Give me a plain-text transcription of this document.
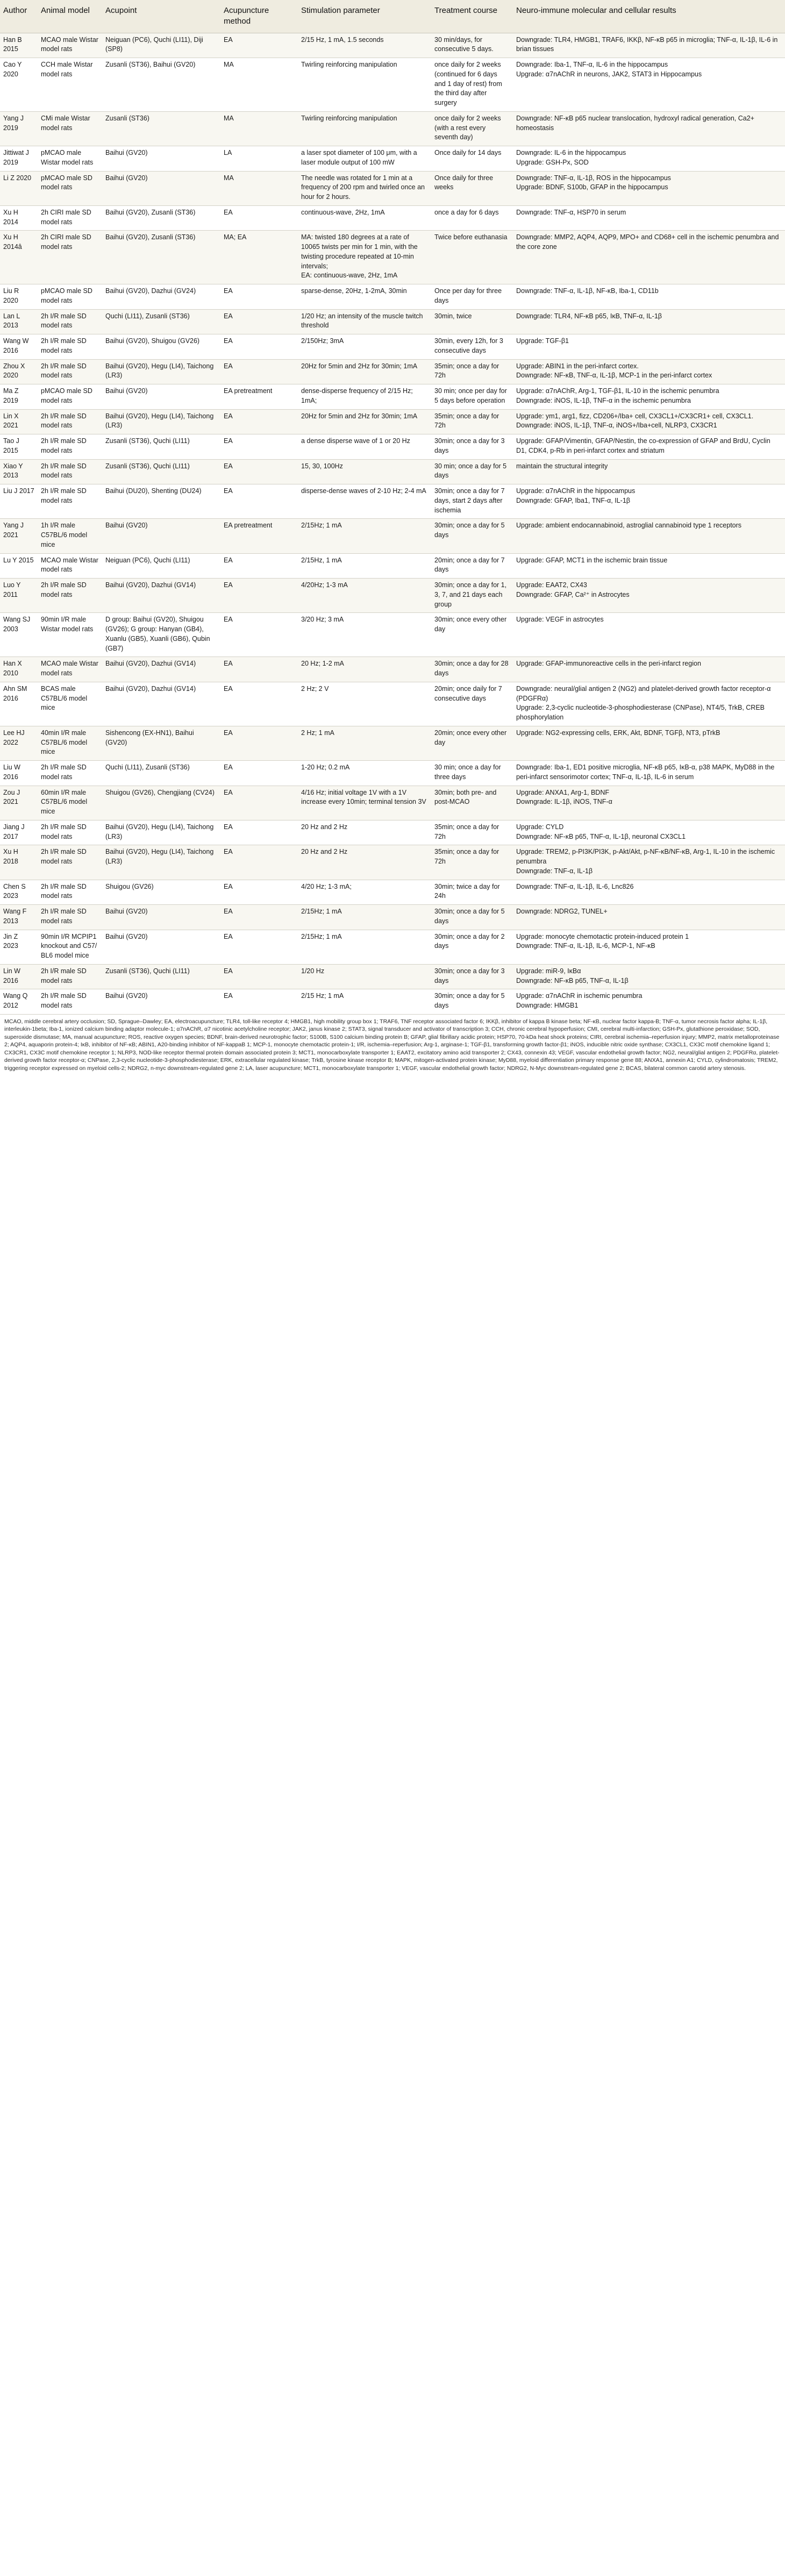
Author	Animal model	Acupoint	Acupuncture method	Stimulation parameter	Treatment course	Neuro-immune molecular and cellular results
Han B 2015	MCAO male Wistar model rats	Neiguan (PC6), Quchi (LI11), Diji (SP8)	EA	2/15 Hz, 1 mA, 1.5 seconds	30 min/days, for consecutive 5 days.	Downgrade: TLR4, HMGB1, TRAF6, IKKβ, NF-κB p65 in microglia; TNF-α, IL-1β, IL-6 in brian tissues
Cao Y 2020	CCH male Wistar model rats	Zusanli (ST36), Baihui (GV20)	MA	Twirling reinforcing manipulation	once daily for 2 weeks (continued for 6 days and 1 day of rest) from the third day after surgery	Downgrade: Iba-1, TNF-α, IL-6 in the hippocampus
Upgrade: α7nAChR in neurons, JAK2, STAT3 in Hippocampus
Yang J 2019	CMi male Wistar model rats	Zusanli (ST36)	MA	Twirling reinforcing manipulation	once daily for 2 weeks (with a rest every seventh day)	Downgrade: NF-κB p65 nuclear translocation, hydroxyl radical generation, Ca2+ homeostasis
Jittiwat J 2019	pMCAO male Wistar model rats	Baihui (GV20)	LA	a laser spot diameter of 100 μm, with a laser module output of 100 mW	Once daily for 14 days	Downgrade: IL-6 in the hippocampus
Upgrade: GSH-Px, SOD
Li Z 2020	pMCAO male SD model rats	Baihui (GV20)	MA	The needle was rotated for 1 min at a frequency of 200 rpm and twirled once an hour for 2 hours.	Once daily for three weeks	Downgrade: TNF-α, IL-1β, ROS in the hippocampus
Upgrade: BDNF, S100b, GFAP in the hippocampus
Xu H 2014	2h CIRI male SD model rats	Baihui (GV20), Zusanli (ST36)	EA	continuous-wave, 2Hz, 1mA	once a day for 6 days	Downgrade: TNF-α, HSP70 in serum
Xu H 2014â	2h CIRI male SD model rats	Baihui (GV20), Zusanli (ST36)	MA; EA	MA: twisted 180 degrees at a rate of 10065 twists per min for 1 min, with the twisting procedure repeated at 10-min intervals;
EA: continuous-wave, 2Hz, 1mA	Twice before euthanasia	Downgrade: MMP2, AQP4, AQP9, MPO+ and CD68+ cell in the ischemic penumbra and the core zone
Liu R 2020	pMCAO male SD model rats	Baihui (GV20), Dazhui (GV24)	EA	sparse-dense, 20Hz, 1-2mA, 30min	Once per day for three days	Downgrade: TNF-α, IL-1β, NF-κB, Iba-1, CD11b
Lan L 2013	2h I/R male SD model rats	Quchi (LI11), Zusanli (ST36)	EA	1/20 Hz; an intensity of the muscle twitch threshold	30min, twice	Downgrade: TLR4, NF-κB p65, IκB, TNF-α, IL-1β
Wang W 2016	2h I/R male SD model rats	Baihui (GV20), Shuigou (GV26)	EA	2/150Hz; 3mA	30min, every 12h, for 3 consecutive days	Upgrade: TGF-β1
Zhou X 2020	2h I/R male SD model rats	Baihui (GV20), Hegu (LI4), Taichong (LR3)	EA	20Hz for 5min and 2Hz for 30min; 1mA	35min; once a day for 72h	Upgrade: ABIN1 in the peri-infarct cortex.
Downgrade: NF-κB, TNF-α, IL-1β, MCP-1 in the peri-infarct cortex
Ma Z 2019	pMCAO male SD model rats	Baihui (GV20)	EA pretreatment	dense-disperse frequency of 2/15 Hz; 1mA;	30 min; once per day for 5 days before operation	Upgrade: α7nAChR, Arg-1, TGF-β1, IL-10 in the ischemic penumbra
Downgrade: iNOS, IL-1β, TNF-α in the ischemic penumbra
Lin X 2021	2h I/R male SD model rats	Baihui (GV20), Hegu (LI4), Taichong (LR3)	EA	20Hz for 5min and 2Hz for 30min; 1mA	35min; once a day for 72h	Upgrade: ym1, arg1, fizz, CD206+/Iba+ cell, CX3CL1+/CX3CR1+ cell, CX3CL1.
Downgrade: iNOS, IL-1β, TNF-α, iNOS+/Iba+cell, NLRP3, CX3CR1
Tao J 2015	2h I/R male SD model rats	Zusanli (ST36), Quchi (LI11)	EA	a dense disperse wave of 1 or 20 Hz	30min; once a day for 3 days	Upgrade: GFAP/Vimentin, GFAP/Nestin, the co-expression of GFAP and BrdU, Cyclin D1, CDK4, p-Rb in peri-infarct cortex and striatum
Xiao Y 2013	2h I/R male SD model rats	Zusanli (ST36), Quchi (LI11)	EA	15, 30, 100Hz	30 min; once a day for 5 days	maintain the structural integrity
Liu J 2017	2h I/R male SD model rats	Baihui (DU20), Shenting (DU24)	EA	disperse-dense waves of 2-10 Hz; 2-4 mA	30min; once a day for 7 days, start 2 days after ischemia	Upgrade: α7nAChR in the hippocampus
Downgrade: GFAP, Iba1, TNF-α, IL-1β
Yang J 2021	1h I/R male C57BL/6 model mice	Baihui (GV20)	EA pretreatment	2/15Hz; 1 mA	30min; once a day for 5 days	Upgrade: ambient endocannabinoid, astroglial cannabinoid type 1 receptors
Lu Y 2015	MCAO male Wistar model rats	Neiguan (PC6), Quchi (LI11)	EA	2/15Hz, 1 mA	20min; once a day for 7 days	Upgrade: GFAP, MCT1 in the ischemic brain tissue
Luo Y 2011	2h I/R male SD model rats	Baihui (GV20), Dazhui (GV14)	EA	4/20Hz; 1-3 mA	30min; once a day for 1, 3, 7, and 21 days each group	Upgrade: EAAT2, CX43
Downgrade: GFAP, Ca²⁺ in Astrocytes
Wang SJ 2003	90min I/R male Wistar model rats	D group: Baihui (GV20), Shuigou (GV26); G group: Hanyan (GB4), Xuanlu (GB5), Xuanli (GB6), Qubin (GB7)	EA	3/20 Hz; 3 mA	30min; once every other day	Upgrade: VEGF in astrocytes
Han X 2010	MCAO male Wistar model rats	Baihui (GV20), Dazhui (GV14)	EA	20 Hz; 1-2 mA	30min; once a day for 28 days	Upgrade: GFAP-immunoreactive cells in the peri-infarct region
Ahn SM 2016	BCAS male C57BL/6 model mice	Baihui (GV20), Dazhui (GV14)	EA	2 Hz; 2 V	20min; once daily for 7 consecutive days	Downgrade: neural/glial antigen 2 (NG2) and platelet-derived growth factor receptor-α (PDGFRα)
Upgrade: 2,3-cyclic nucleotide-3-phosphodiesterase (CNPase), NT4/5, TrkB, CREB phosphorylation
Lee HJ 2022	40min I/R male C57BL/6 model mice	Sishencong (EX-HN1), Baihui (GV20)	EA	2 Hz; 1 mA	20min; once every other day	Upgrade: NG2-expressing cells, ERK, Akt, BDNF, TGFβ, NT3, pTrkB
Liu W 2016	2h I/R male SD model rats	Quchi (LI11), Zusanli (ST36)	EA	1-20 Hz; 0.2 mA	30 min; once a day for three days	Downgrade: Iba-1, ED1 positive microglia, NF-κB p65, IκB-α, p38 MAPK, MyD88 in the peri-infarct sensorimotor cortex; TNF-α, IL-1β, IL-6 in serum
Zou J 2021	60min I/R male C57BL/6 model mice	Shuigou (GV26), Chengjiang (CV24)	EA	4/16 Hz; initial voltage 1V with a 1V increase every 10min; terminal tension 3V	30min; both pre- and post-MCAO	Upgrade: ANXA1, Arg-1, BDNF
Downgrade: IL-1β, iNOS, TNF-α
Jiang J 2017	2h I/R male SD model rats	Baihui (GV20), Hegu (LI4), Taichong (LR3)	EA	20 Hz and 2 Hz	35min; once a day for 72h	Upgrade: CYLD
Downgrade: NF-κB p65, TNF-α, IL-1β, neuronal CX3CL1
Xu H 2018	2h I/R male SD model rats	Baihui (GV20), Hegu (LI4), Taichong (LR3)	EA	20 Hz and 2 Hz	35min; once a day for 72h	Upgrade: TREM2, p-PI3K/PI3K, p-Akt/Akt, p-NF-κB/NF-κB, Arg-1, IL-10 in the ischemic penumbra
Downgrade: TNF-α, IL-1β
Chen S 2023	2h I/R male SD model rats	Shuigou (GV26)	EA	4/20 Hz; 1-3 mA;	30min; twice a day for 24h	Downgrade: TNF-α, IL-1β, IL-6, Lnc826
Wang F 2013	2h I/R male SD model rats	Baihui (GV20)	EA	2/15Hz; 1 mA	30min; once a day for 5 days	Downgrade: NDRG2, TUNEL+
Jin Z 2023	90min I/R MCPIP1 knockout and C57/ BL6 model mice	Baihui (GV20)	EA	2/15Hz; 1 mA	30min; once a day for 2 days	Upgrade: monocyte chemotactic protein-induced protein 1
Downgrade: TNF-α, IL-1β, IL-6, MCP-1, NF-κB
Lin W 2016	2h I/R male SD model rats	Zusanli (ST36), Quchi (LI11)	EA	1/20 Hz	30min; once a day for 3 days	Upgrade: miR-9, IκBα
Downgrade: NF-κB p65, TNF-α, IL-1β
Wang Q 2012	2h I/R male SD model rats	Baihui (GV20)	EA	2/15 Hz; 1 mA	30min; once a day for 5 days	Upgrade: α7nAChR in ischemic penumbra
Downgrade: HMGB1
MCAO, middle cerebral artery occlusion; SD, Sprague–Dawley; EA, electroacupuncture; TLR4, toll-like receptor 4; HMGB1, high mobility group box 1; TRAF6, TNF receptor associated factor 6; IKKβ, inhibitor of kappa B kinase beta; NF-κB, nuclear factor kappa-B; TNF-α, tumor necrosis factor alpha; IL-1β, interleukin-1beta; Iba-1, ionized calcium binding adaptor molecule-1; α7nAChR, α7 nicotinic acetylcholine receptor; JAK2, janus kinase 2; STAT3, signal transducer and activator of transcription 3; CCH, chronic cerebral hypoperfusion; CMI, cerebral multi-infarction; GSH-Px, glutathione peroxidase; SOD, superoxide dismutase; MA, manual acupuncture; ROS, reactive oxygen species; BDNF, brain-derived neurotrophic factor; S100B, S100 calcium binding protein B; GFAP, glial fibrillary acidic protein; HSP70, 70-kDa heat shock proteins; CIRI, cerebral ischemia–reperfusion injury; MMP2, matrix metalloproteinase 2; AQP4, aquaporin protein-4; IκB, inhibitor of NF-κB; ABIN1, A20-binding inhibitor of NF-kappaB 1; MCP-1, monocyte chemotactic protein-1; I/R, ischemia–reperfusion; Arg-1, arginase-1; TGF-β1, transforming growth factor-β1; iNOS, inducible nitric oxide synthase; CX3CL1, CX3C motif chemokine ligand 1; CX3CR1, CX3C motif chemokine receptor 1; NLRP3, NOD-like receptor thermal protein domain associated protein 3; MCT1, monocarboxylate transporter 1; EAAT2, excitatory amino acid transporter 2; CX43, connexin 43; VEGF, vascular endothelial growth factor; NG2, neural/glial antigen 2; PDGFRα, platelet-derived growth factor receptor-α; CNPase, 2,3-cyclic nucleotide-3-phosphodiesterase; ERK, extracellular regulated kinase; TrkB, tyrosine kinase receptor B; MAPK, mitogen-activated protein kinase; MyD88, myeloid differentiation primary response gene 88; ANXA1, annexin A1; CYLD, cylindromatosis; TREM2, triggering receptor expressed on myeloid cells-2; NDRG2, n-myc downstream-regulated gene 2; LA, laser acupuncture; MCT1, monocarboxylate transporter 1; VEGF, vascular endothelial growth factor; NDRG2, N-Myc downstream-regulated gene 2; BCAS, bilateral common carotid artery stenosis.
